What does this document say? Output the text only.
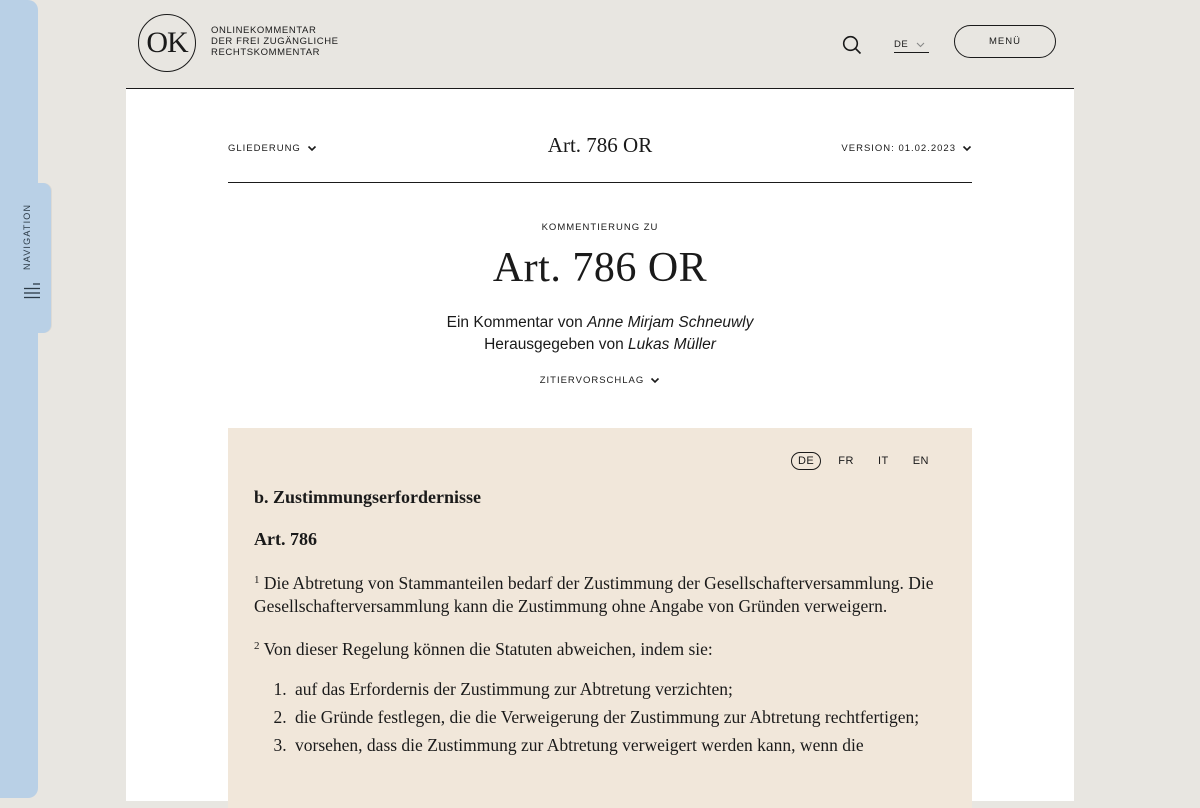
NAVIGATION
OK ONLINEKOMMENTAR
DER FREI ZUGÄNGLICHE
RECHTSKOMMENTAR
DE	MENÜ
GLIEDERUNG	Art. 786 OR	VERSION: 01.02.2023
KOMMENTIERUNG ZU
Art. 786 OR
Ein Kommentar von Anne Mirjam Schneuwly
Herausgegeben von Lukas Müller
ZITIERVORSCHLAG
DE	FR	IT	EN

b. Zustimmungserfordernisse

Art. 786

$^1$ Die Abtretung von Stammanteilen bedarf der Zustimmung der Gesellschafterversammlung. Die Gesellschafterversammlung kann die Zustimmung ohne Angabe von Gründen verweigern.

$^2$ Von dieser Regelung können die Statuten abweichen, indem sie:

1. auf das Erfordernis der Zustimmung zur Abtretung verzichten;
2. die Gründe festlegen, die die Verweigerung der Zustimmung zur Abtretung rechtfertigen;
3. vorsehen, dass die Zustimmung zur Abtretung verweigert werden kann, wenn die
